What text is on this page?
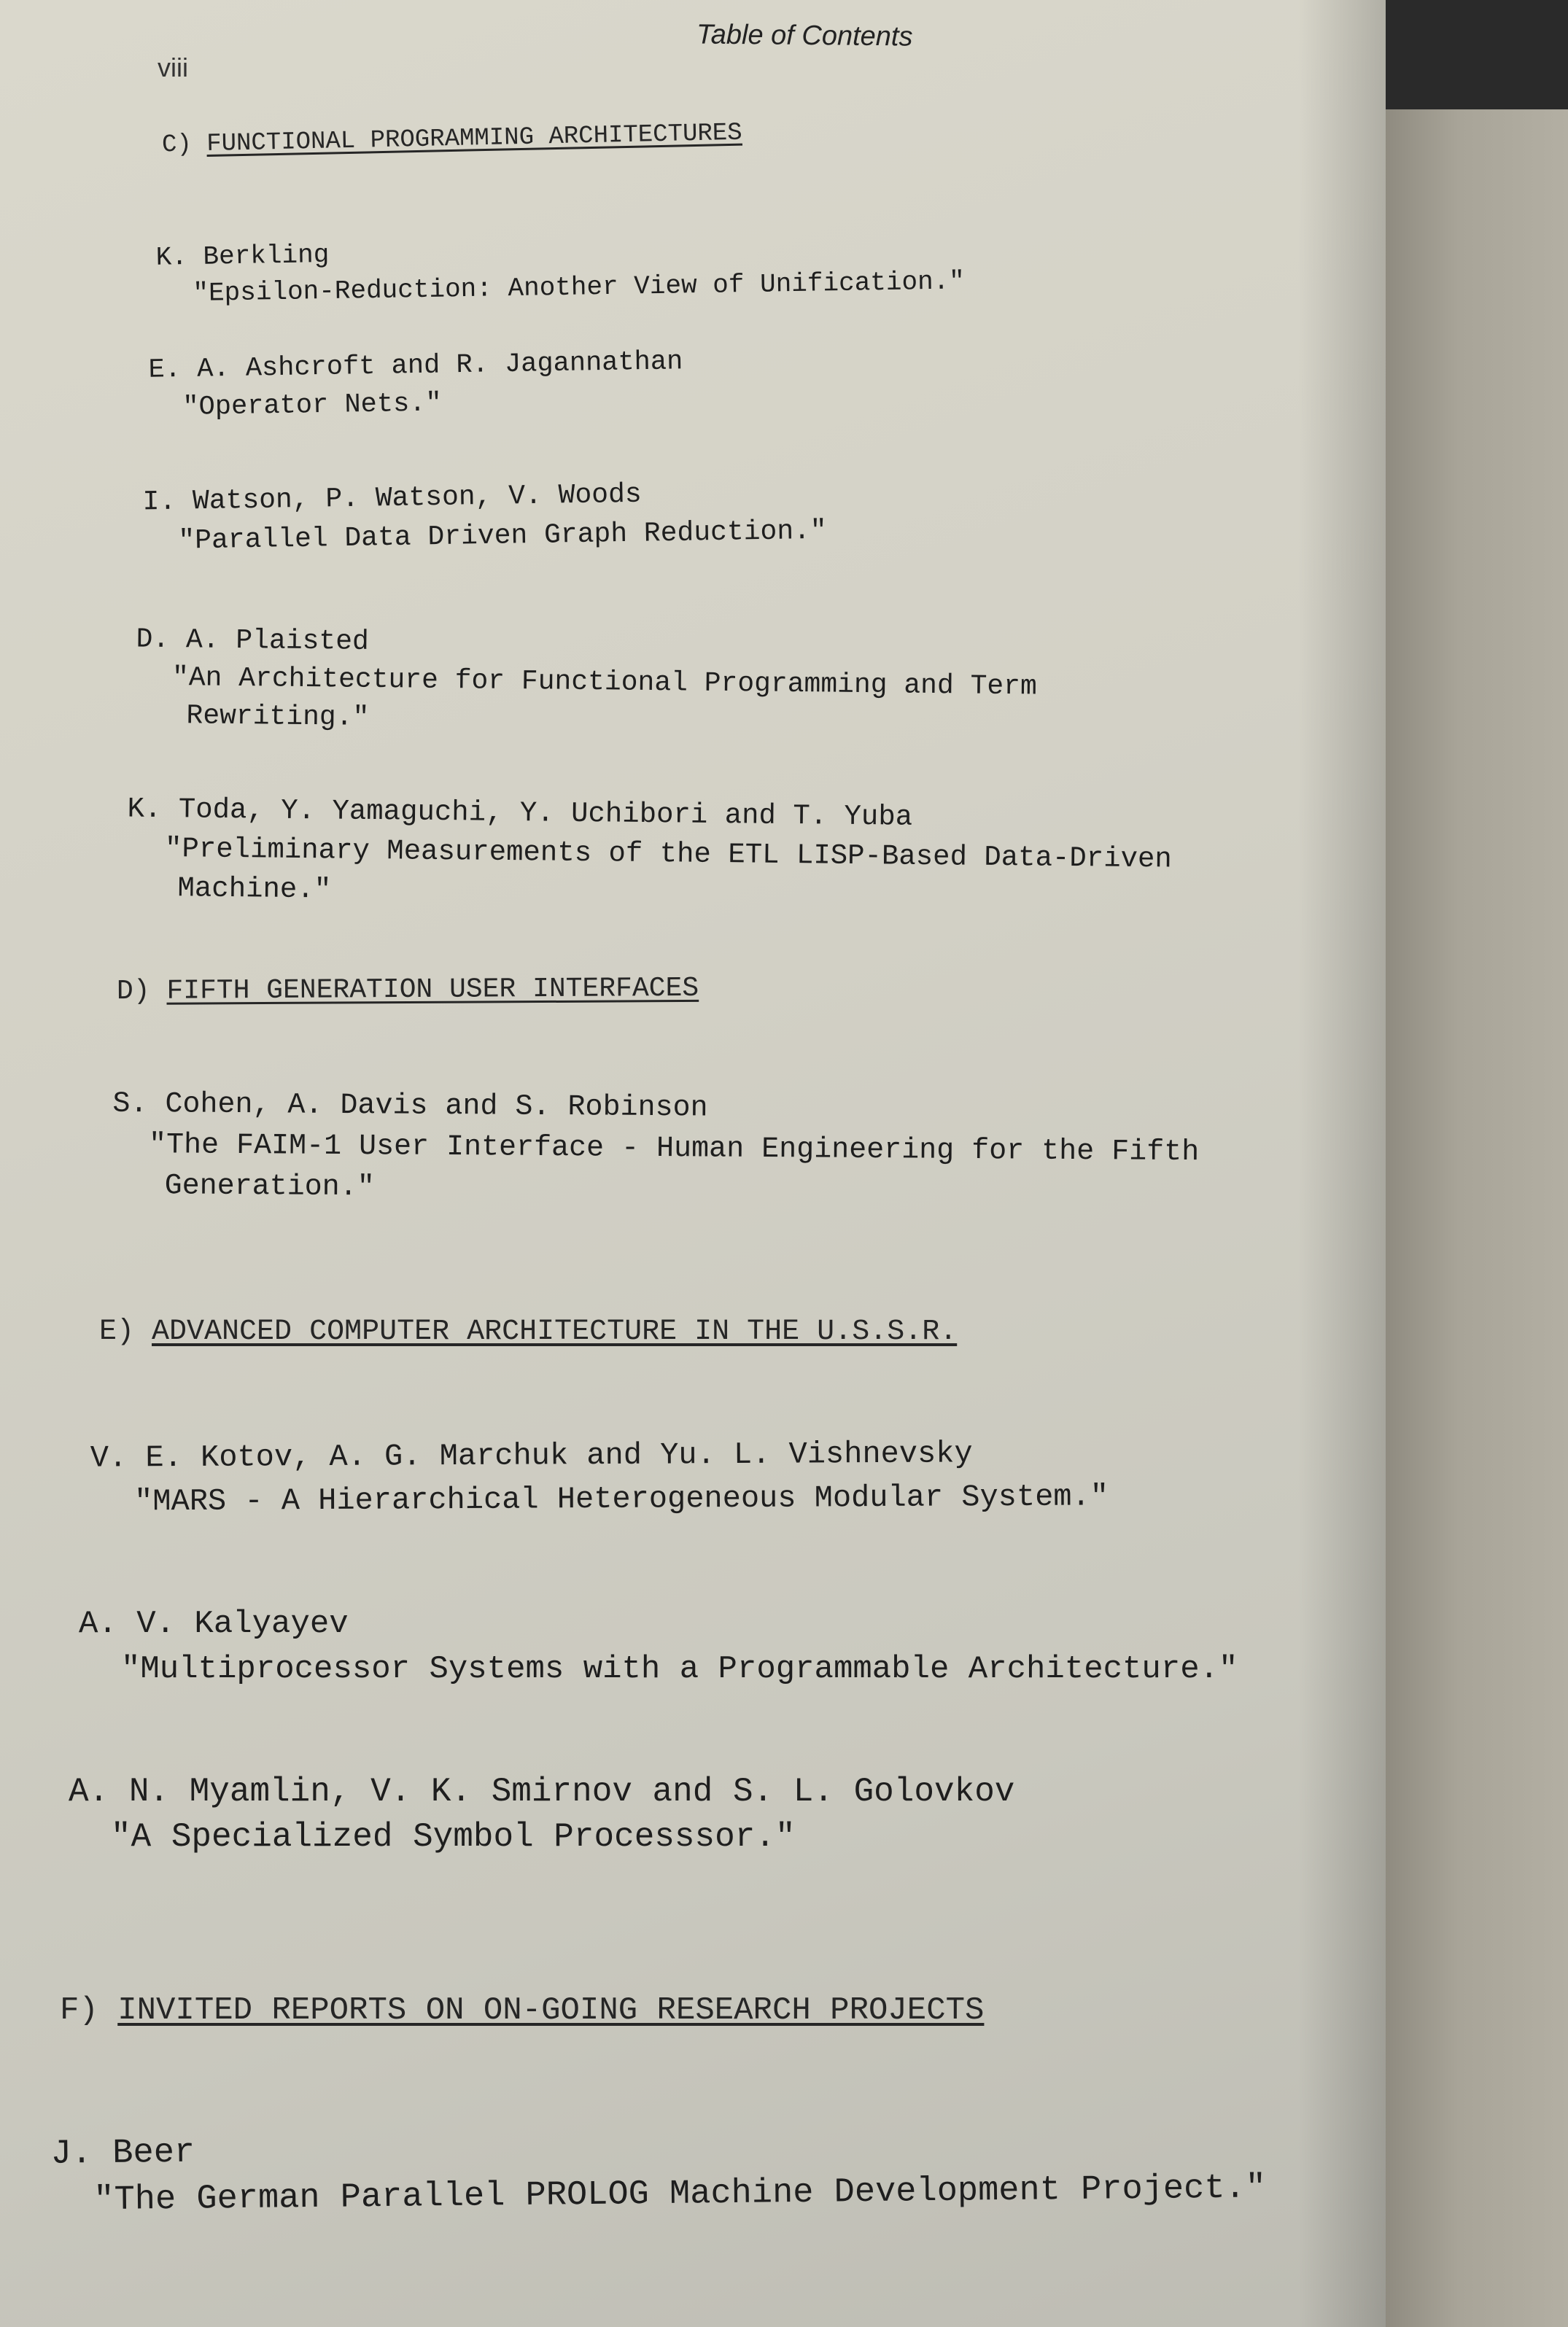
Table of Contents
viii
C) FUNCTIONAL PROGRAMMING ARCHITECTURES
K. Berkling
"Epsilon-Reduction: Another View of Unification."
E. A. Ashcroft and R. Jagannathan
"Operator Nets."
I. Watson, P. Watson, V. Woods
"Parallel Data Driven Graph Reduction."
D. A. Plaisted
"An Architecture for Functional Programming and Term
Rewriting."
K. Toda, Y. Yamaguchi, Y. Uchibori and T. Yuba
"Preliminary Measurements of the ETL LISP-Based Data-Driven
Machine."
D) FIFTH GENERATION USER INTERFACES
S. Cohen, A. Davis and S. Robinson
"The FAIM-1 User Interface - Human Engineering for the Fifth
Generation."
E) ADVANCED COMPUTER ARCHITECTURE IN THE U.S.S.R.
V. E. Kotov, A. G. Marchuk and Yu. L. Vishnevsky
"MARS - A Hierarchical Heterogeneous Modular System."
A. V. Kalyayev
"Multiprocessor Systems with a Programmable Architecture."
A. N. Myamlin, V. K. Smirnov and S. L. Golovkov
"A Specialized Symbol Processsor."
F) INVITED REPORTS ON ON-GOING RESEARCH PROJECTS
J. Beer
"The German Parallel PROLOG Machine Development Project."
